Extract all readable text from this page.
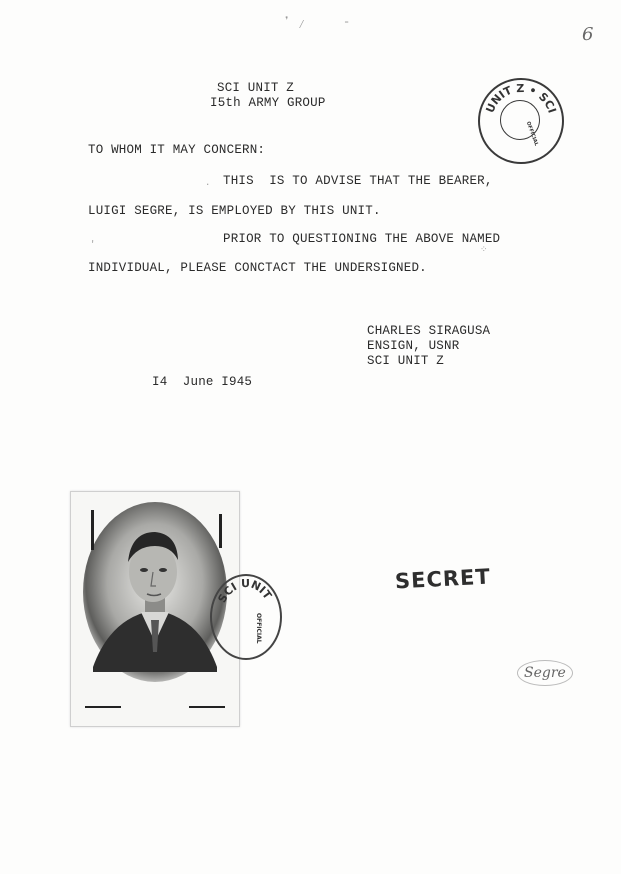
6
❜ ⁄	-
SCI UNIT Z
I5th ARMY GROUP	UNIT Z • SCI
OFFICIAL
TO WHOM IT MAY CONCERN:
THIS  IS TO ADVISE THAT THE BEARER,
LUIGI SEGRE, IS EMPLOYED BY THIS UNIT.
PRIOR TO QUESTIONING THE ABOVE NAMED
INDIVIDUAL, PLEASE CONCTACT THE UNDERSIGNED.
CHARLES SIRAGUSA
ENSIGN, USNR
SCI UNIT Z
I4  June I945
SCI UNIT
OFFICIAL
SECRET
Segre
⁘
·
ʹ
